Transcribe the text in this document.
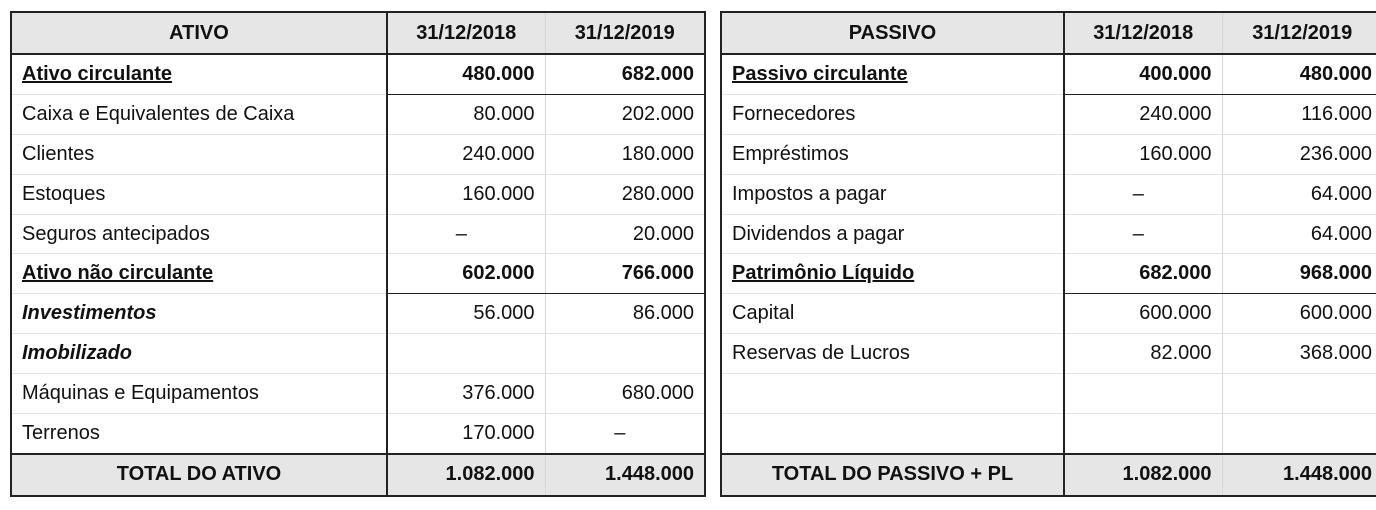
ATIVO	31/12/2018	31/12/2019
Ativo circulante	480.000	682.000
Caixa e Equivalentes de Caixa	80.000	202.000
Clientes	240.000	180.000
Estoques	160.000	280.000
Seguros antecipados	–	20.000
Ativo não circulante	602.000	766.000
Investimentos	56.000	86.000
Imobilizado		
Máquinas e Equipamentos	376.000	680.000
Terrenos	170.000	–
TOTAL DO ATIVO	1.082.000	1.448.000
PASSIVO	31/12/2018	31/12/2019
Passivo circulante	400.000	480.000
Fornecedores	240.000	116.000
Empréstimos	160.000	236.000
Impostos a pagar	–	64.000
Dividendos a pagar	–	64.000
Patrimônio Líquido	682.000	968.000
Capital	600.000	600.000
Reservas de Lucros	82.000	368.000

TOTAL DO PASSIVO + PL	1.082.000	1.448.000
